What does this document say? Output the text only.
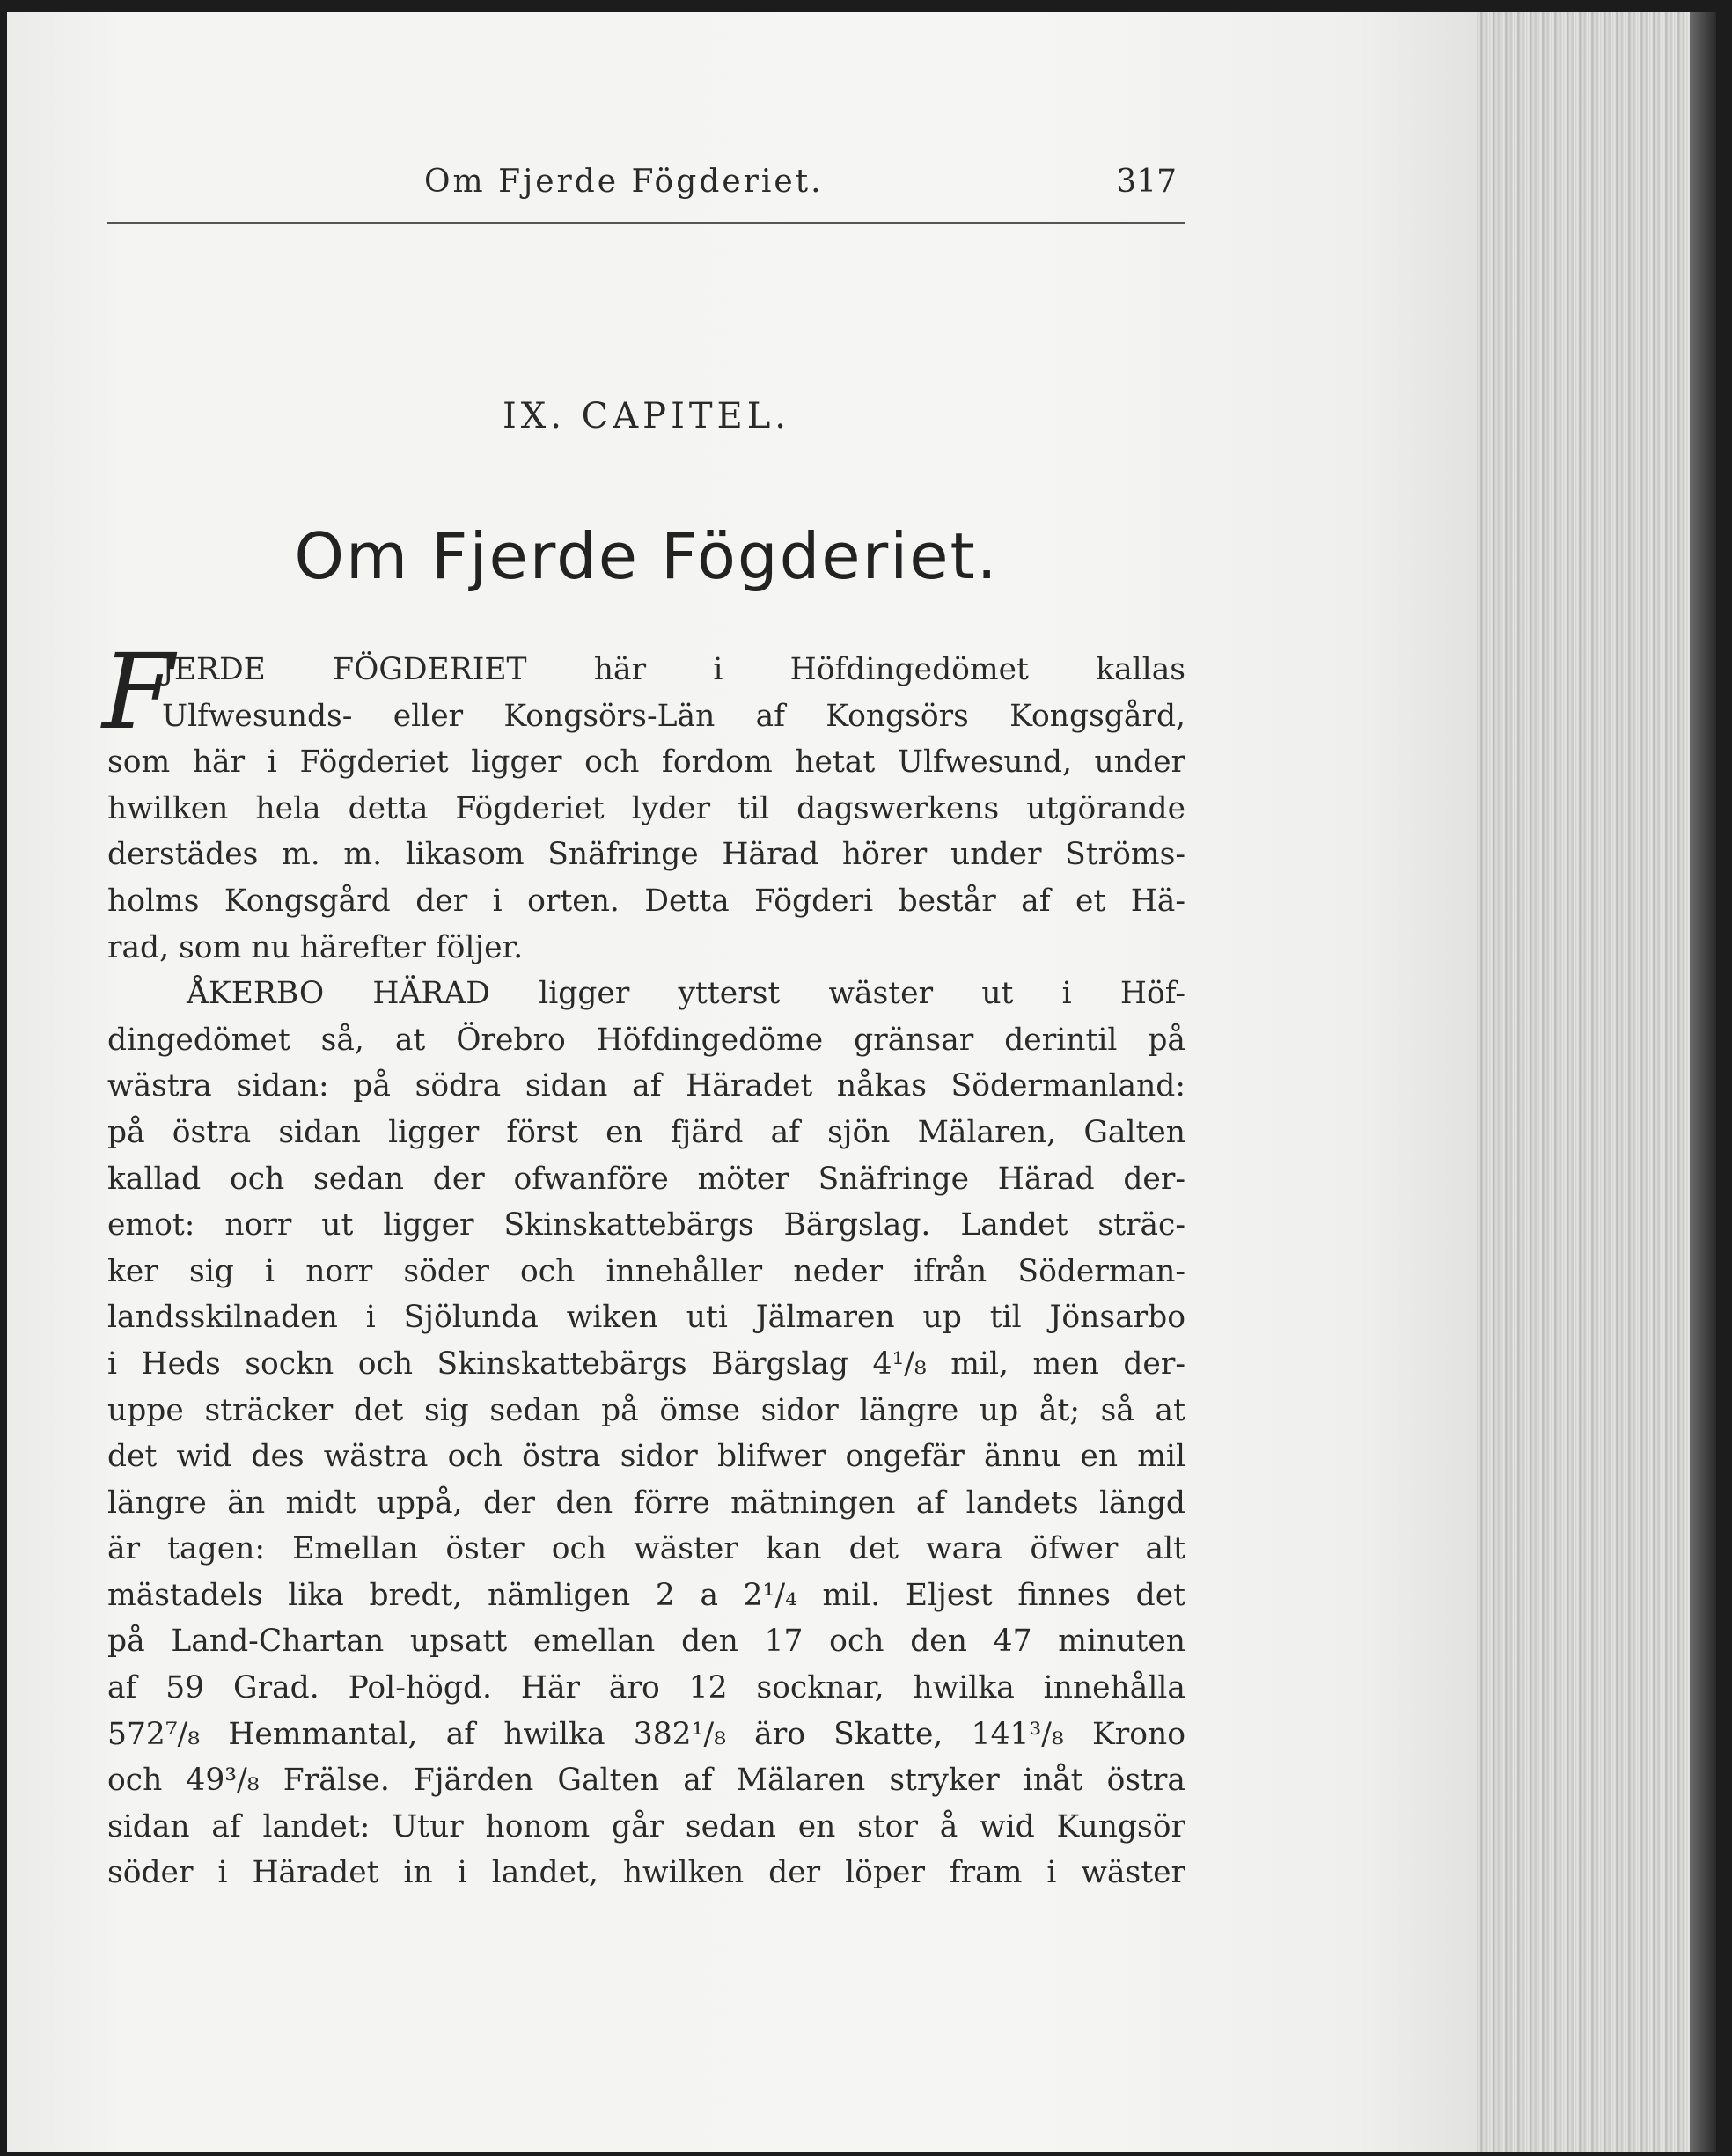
Om Fjerde Fögderiet.	317
IX. CAPITEL.
Om Fjerde Fögderiet.
F
JERDE FÖGDERIET här i Höfdingedömet kallas
Ulfwesunds- eller Kongsörs-Län af Kongsörs Kongsgård,
som här i Fögderiet ligger och fordom hetat Ulfwesund, under
hwilken hela detta Fögderiet lyder til dagswerkens utgörande
derstädes m. m. likasom Snäfringe Härad hörer under Ströms-
holms Kongsgård der i orten. Detta Fögderi består af et Hä-
rad, som nu härefter följer.
ÅKERBO HÄRAD ligger ytterst wäster ut i Höf-
dingedömet så, at Örebro Höfdingedöme gränsar derintil på
wästra sidan: på södra sidan af Häradet nåkas Södermanland:
på östra sidan ligger först en fjärd af sjön Mälaren, Galten
kallad och sedan der ofwanföre möter Snäfringe Härad der-
emot: norr ut ligger Skinskattebärgs Bärgslag. Landet sträc-
ker sig i norr söder och innehåller neder ifrån Söderman-
landsskilnaden i Sjölunda wiken uti Jälmaren up til Jönsarbo
i Heds sockn och Skinskattebärgs Bärgslag 4¹/₈ mil, men der-
uppe sträcker det sig sedan på ömse sidor längre up åt; så at
det wid des wästra och östra sidor blifwer ongefär ännu en mil
längre än midt uppå, der den förre mätningen af landets längd
är tagen: Emellan öster och wäster kan det wara öfwer alt
mästadels lika bredt, nämligen 2 a 2¹/₄ mil. Eljest finnes det
på Land-Chartan upsatt emellan den 17 och den 47 minuten
af 59 Grad. Pol-högd. Här äro 12 socknar, hwilka innehålla
572⁷/₈ Hemmantal, af hwilka 382¹/₈ äro Skatte, 141³/₈ Krono
och 49³/₈ Frälse. Fjärden Galten af Mälaren stryker inåt östra
sidan af landet: Utur honom går sedan en stor å wid Kungsör
söder i Häradet in i landet, hwilken der löper fram i wäster
